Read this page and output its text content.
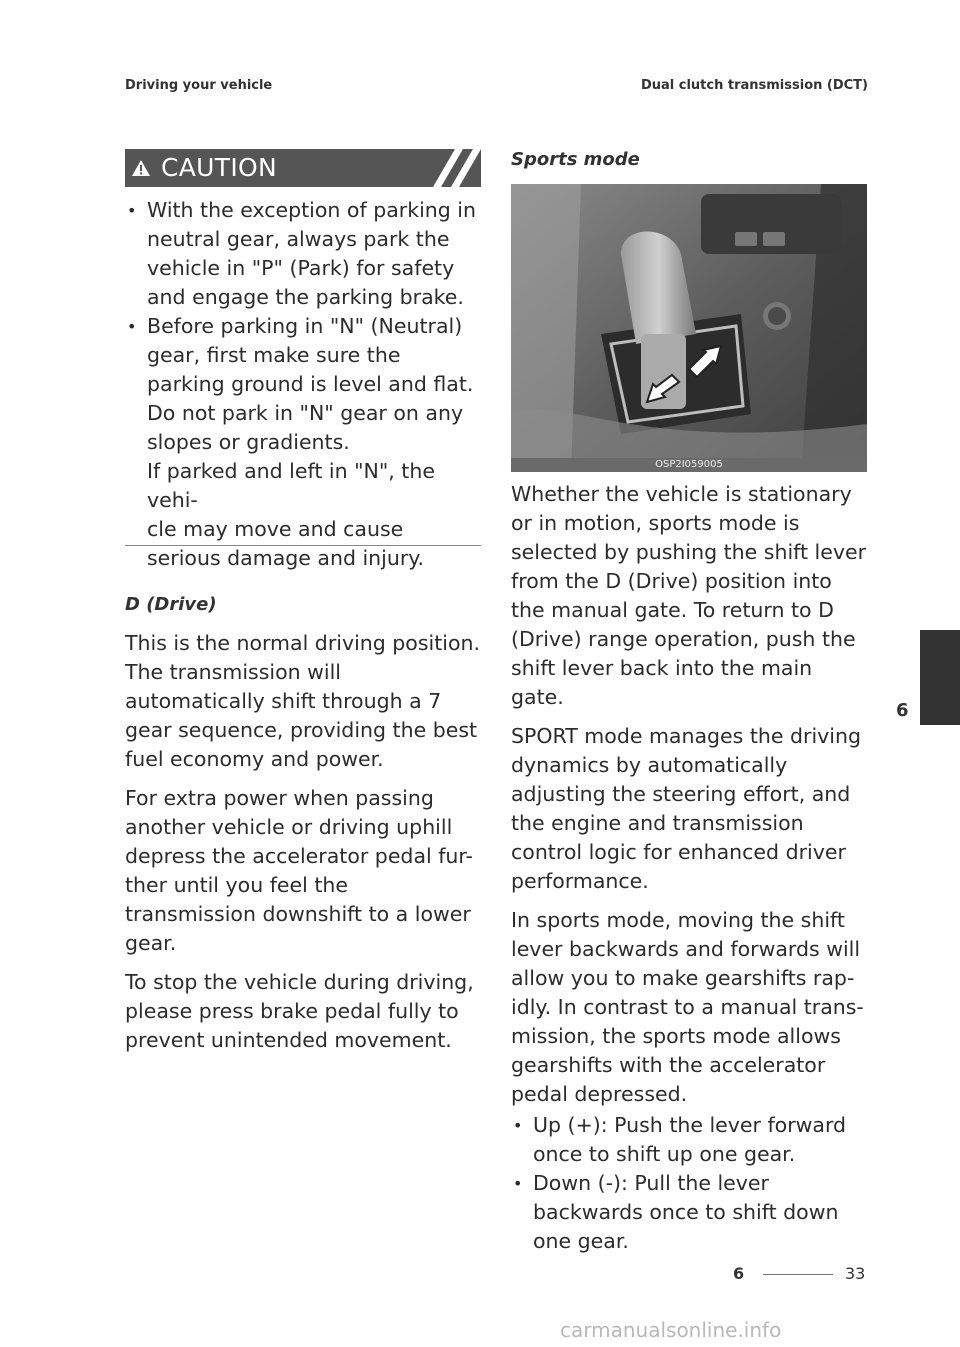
Driving your vehicle	Dual clutch transmission (DCT)
CAUTION
• With the exception of parking in neutral gear, always park the vehicle in "P" (Park) for safety and engage the parking brake.
• Before parking in "N" (Neutral) gear, first make sure the parking ground is level and flat. Do not park in "N" gear on any slopes or gradients.
If parked and left in "N", the vehi-
cle may move and cause serious damage and injury.
D (Drive)

This is the normal driving position. The transmission will automatically shift through a 7 gear sequence, providing the best fuel economy and power.

For extra power when passing another vehicle or driving uphill depress the accelerator pedal fur-ther until you feel the transmission downshift to a lower gear.

To stop the vehicle during driving, please press brake pedal fully to prevent unintended movement.

Sports mode
OSP2I059005

Whether the vehicle is stationary or in motion, sports mode is selected by pushing the shift lever from the D (Drive) position into the manual gate. To return to D (Drive) range operation, push the shift lever back into the main gate.

SPORT mode manages the driving dynamics by automatically adjusting the steering effort, and the engine and transmission control logic for enhanced driver performance.

In sports mode, moving the shift lever backwards and forwards will allow you to make gearshifts rap-idly. In contrast to a manual trans-mission, the sports mode allows gearshifts with the accelerator pedal depressed.

• Up (+): Push the lever forward once to shift up one gear.
• Down (-): Pull the lever backwards once to shift down one gear.
6
6	33
carmanualsonline.info
